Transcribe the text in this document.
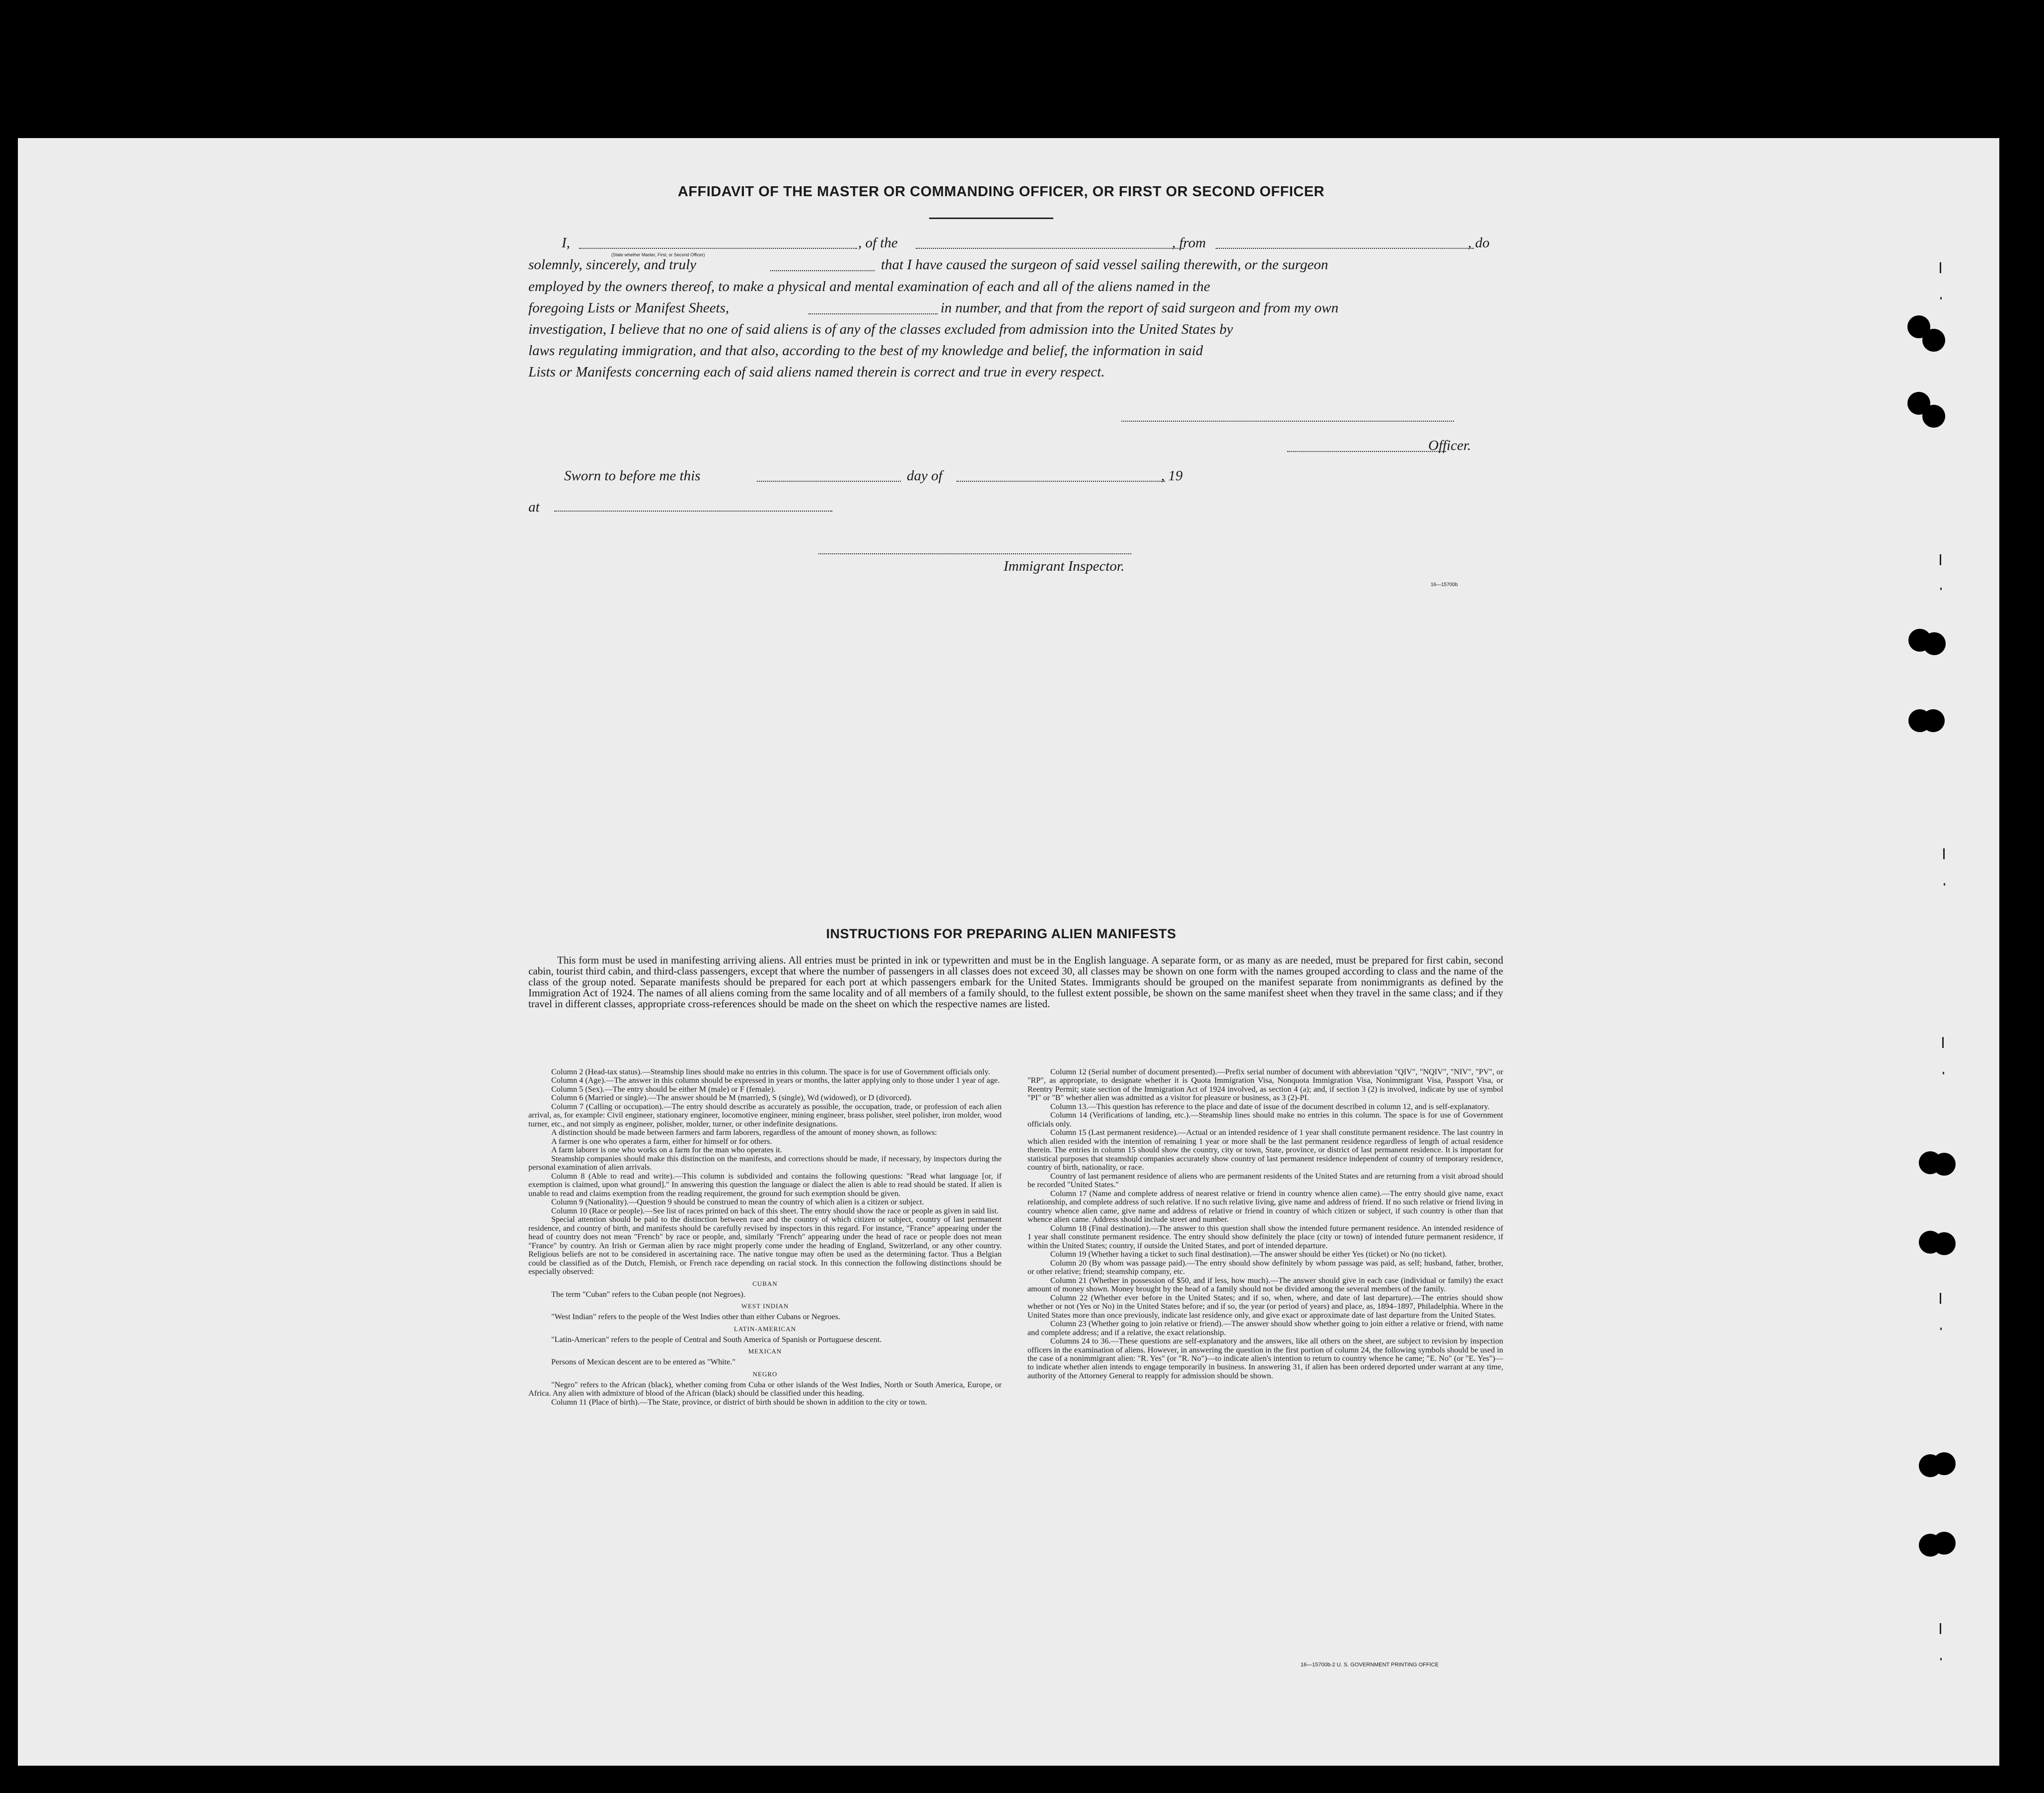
AFFIDAVIT OF THE MASTER OR COMMANDING OFFICER, OR FIRST OR SECOND OFFICER
I,
(State whether Master, First, or Second Officer)
, of the	, from	, do
solemnly, sincerely, and truly	that I have caused the surgeon of said vessel sailing therewith, or the surgeon
employed by the owners thereof, to make a physical and mental examination of each and all of the aliens named in the
foregoing Lists or Manifest Sheets,	in number, and that from the report of said surgeon and from my own
investigation, I believe that no one of said aliens is of any of the classes excluded from admission into the United States by
laws regulating immigration, and that also, according to the best of my knowledge and belief, the information in said
Lists or Manifests concerning each of said aliens named therein is correct and true in every respect.
Officer.
Sworn to before me this	day of	, 19
at
Immigrant Inspector.
16—15700b
INSTRUCTIONS FOR PREPARING ALIEN MANIFESTS
This form must be used in manifesting arriving aliens. All entries must be printed in ink or typewritten and must be in the English language. A separate form, or as many as are needed, must be prepared for first cabin, second cabin, tourist third cabin, and third-class passengers, except that where the number of passengers in all classes does not exceed 30, all classes may be shown on one form with the names grouped according to class and the name of the class of the group noted. Separate manifests should be prepared for each port at which passengers embark for the United States. Immigrants should be grouped on the manifest separate from nonimmigrants as defined by the Immigration Act of 1924. The names of all aliens coming from the same locality and of all members of a family should, to the fullest extent possible, be shown on the same manifest sheet when they travel in the same class; and if they travel in different classes, appropriate cross-references should be made on the sheet on which the respective names are listed.

Column 2 (Head-tax status).—Steamship lines should make no entries in this column. The space is for use of Government officials only.

Column 4 (Age).—The answer in this column should be expressed in years or months, the latter applying only to those under 1 year of age.

Column 5 (Sex).—The entry should be either M (male) or F (female).

Column 6 (Married or single).—The answer should be M (married), S (single), Wd (widowed), or D (divorced).

Column 7 (Calling or occupation).—The entry should describe as accurately as possible, the occupation, trade, or profession of each alien arrival, as, for example: Civil engineer, stationary engineer, locomotive engineer, mining engineer, brass polisher, steel polisher, iron molder, wood turner, etc., and not simply as engineer, polisher, molder, turner, or other indefinite designations.

A distinction should be made between farmers and farm laborers, regardless of the amount of money shown, as follows:

A farmer is one who operates a farm, either for himself or for others.

A farm laborer is one who works on a farm for the man who operates it.

Steamship companies should make this distinction on the manifests, and corrections should be made, if necessary, by inspectors during the personal examination of alien arrivals.

Column 8 (Able to read and write).—This column is subdivided and contains the following questions: "Read what language [or, if exemption is claimed, upon what ground]." In answering this question the language or dialect the alien is able to read should be stated. If alien is unable to read and claims exemption from the reading requirement, the ground for such exemption should be given.

Column 9 (Nationality).—Question 9 should be construed to mean the country of which alien is a citizen or subject.

Column 10 (Race or people).—See list of races printed on back of this sheet. The entry should show the race or people as given in said list.

Special attention should be paid to the distinction between race and the country of which citizen or subject, country of last permanent residence, and country of birth, and manifests should be carefully revised by inspectors in this regard. For instance, "France" appearing under the head of country does not mean "French" by race or people, and, similarly "French" appearing under the head of race or people does not mean "France" by country. An Irish or German alien by race might properly come under the heading of England, Switzerland, or any other country. Religious beliefs are not to be considered in ascertaining race. The native tongue may often be used as the determining factor. Thus a Belgian could be classified as of the Dutch, Flemish, or French race depending on racial stock. In this connection the following distinctions should be especially observed:

CUBAN

The term "Cuban" refers to the Cuban people (not Negroes).

WEST INDIAN

"West Indian" refers to the people of the West Indies other than either Cubans or Negroes.

LATIN-AMERICAN

"Latin-American" refers to the people of Central and South America of Spanish or Portuguese descent.

MEXICAN

Persons of Mexican descent are to be entered as "White."

NEGRO

"Negro" refers to the African (black), whether coming from Cuba or other islands of the West Indies, North or South America, Europe, or Africa. Any alien with admixture of blood of the African (black) should be classified under this heading.

Column 11 (Place of birth).—The State, province, or district of birth should be shown in addition to the city or town.

Column 12 (Serial number of document presented).—Prefix serial number of document with abbreviation "QIV", "NQIV", "NIV", "PV", or "RP", as appropriate, to designate whether it is Quota Immigration Visa, Nonquota Immigration Visa, Nonimmigrant Visa, Passport Visa, or Reentry Permit; state section of the Immigration Act of 1924 involved, as section 4 (a); and, if section 3 (2) is involved, indicate by use of symbol "PI" or "B" whether alien was admitted as a visitor for pleasure or business, as 3 (2)-PI.

Column 13.—This question has reference to the place and date of issue of the document described in column 12, and is self-explanatory.

Column 14 (Verifications of landing, etc.).—Steamship lines should make no entries in this column. The space is for use of Government officials only.

Column 15 (Last permanent residence).—Actual or an intended residence of 1 year shall constitute permanent residence. The last country in which alien resided with the intention of remaining 1 year or more shall be the last permanent residence regardless of length of actual residence therein. The entries in column 15 should show the country, city or town, State, province, or district of last permanent residence. It is important for statistical purposes that steamship companies accurately show country of last permanent residence independent of country of temporary residence, country of birth, nationality, or race.

Country of last permanent residence of aliens who are permanent residents of the United States and are returning from a visit abroad should be recorded "United States."

Column 17 (Name and complete address of nearest relative or friend in country whence alien came).—The entry should give name, exact relationship, and complete address of such relative. If no such relative living, give name and address of friend. If no such relative or friend living in country whence alien came, give name and address of relative or friend in country of which citizen or subject, if such country is other than that whence alien came. Address should include street and number.

Column 18 (Final destination).—The answer to this question shall show the intended future permanent residence. An intended residence of 1 year shall constitute permanent residence. The entry should show definitely the place (city or town) of intended future permanent residence, if within the United States; country, if outside the United States, and port of intended departure.

Column 19 (Whether having a ticket to such final destination).—The answer should be either Yes (ticket) or No (no ticket).

Column 20 (By whom was passage paid).—The entry should show definitely by whom passage was paid, as self; husband, father, brother, or other relative; friend; steamship company, etc.

Column 21 (Whether in possession of $50, and if less, how much).—The answer should give in each case (individual or family) the exact amount of money shown. Money brought by the head of a family should not be divided among the several members of the family.

Column 22 (Whether ever before in the United States; and if so, when, where, and date of last departure).—The entries should show whether or not (Yes or No) in the United States before; and if so, the year (or period of years) and place, as, 1894–1897, Philadelphia. Where in the United States more than once previously, indicate last residence only, and give exact or approximate date of last departure from the United States.

Column 23 (Whether going to join relative or friend).—The answer should show whether going to join either a relative or friend, with name and complete address; and if a relative, the exact relationship.

Columns 24 to 36.—These questions are self-explanatory and the answers, like all others on the sheet, are subject to revision by inspection officers in the examination of aliens. However, in answering the question in the first portion of column 24, the following symbols should be used in the case of a nonimmigrant alien: "R. Yes" (or "R. No")—to indicate alien's intention to return to country whence he came; "E. No" (or "E. Yes")—to indicate whether alien intends to engage temporarily in business. In answering 31, if alien has been ordered deported under warrant at any time, authority of the Attorney General to reapply for admission should be shown.

16—15700b-2 U. S. GOVERNMENT PRINTING OFFICE
